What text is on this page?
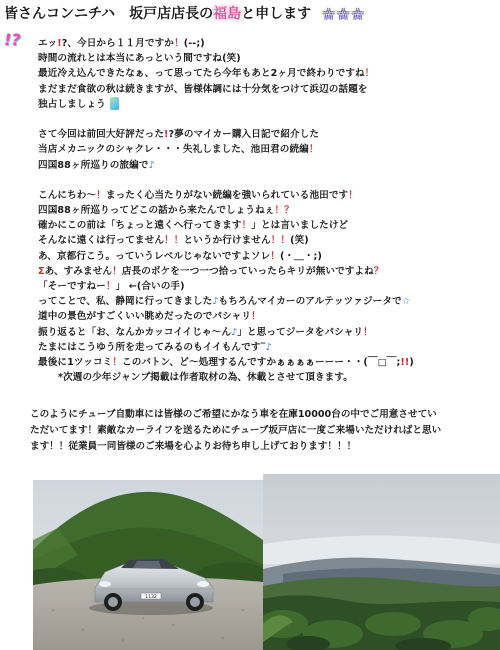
皆さんコンニチハ　坂戸店店長の福島と申します ☆☆☆
!? エッ!?、今日から１１月ですか！(--;)
時間の流れとは本当にあっという間ですね(笑)
最近冷え込んできたなぁ、って思ってたら今年もあと2ヶ月で終わりですね！
まだまだ食欲の秋は続きますが、皆様体調には十分気をつけて浜辺の話題を
独占しましょう
さて今回は前回大好評だった!?夢のマイカー購入日記で紹介した
当店メカニックのシャクレ・・・失礼しました、池田君の続編！
四国88ヶ所巡りの旅編で♪
こんにちわ～！まったく心当たりがない続編を強いられている池田です！
四国88ヶ所巡りってどこの話から来たんでしょうねぇ！？
確かにこの前は「ちょっと遠くへ行ってきます！」とは言いましたけど
そんなに遠くは行ってません！！というか行けません！！(笑)
あ、京都行こう。っていうレベルじゃないですよソレ！(・＿・;)
Σあ、すみません！店長のボケを一つ一つ拾っていったらキリが無いですよね？
「そーですねー！」 ←(合いの手)
ってことで、私、静岡に行ってきました♪もちろんマイカーのアルテッツァジータで☆
道中の景色がすごくいい眺めだったのでパシャリ！
振り返ると「お、なんかカッコイイじゃ～ん♪」と思ってジータをパシャリ！
たまにはこうゆう所を走ってみるのもイイもんです‾♪
最後に1ツッコミ！このバトン、ど～処理するんですかぁぁぁぁーーー・・(￣□￣;!!)
*次週の少年ジャンプ掲載は作者取材の為、休載とさせて頂きます。
このようにチューブ自動車には皆様のご希望にかなう車を在庫10000台の中でご用意させてい
ただいてます！素敵なカーライフを送るためにチューブ坂戸店に一度ご来場いただければと思い
ます！！従業員一同皆様のご来場を心よりお待ち申し上げております！！！
1132
